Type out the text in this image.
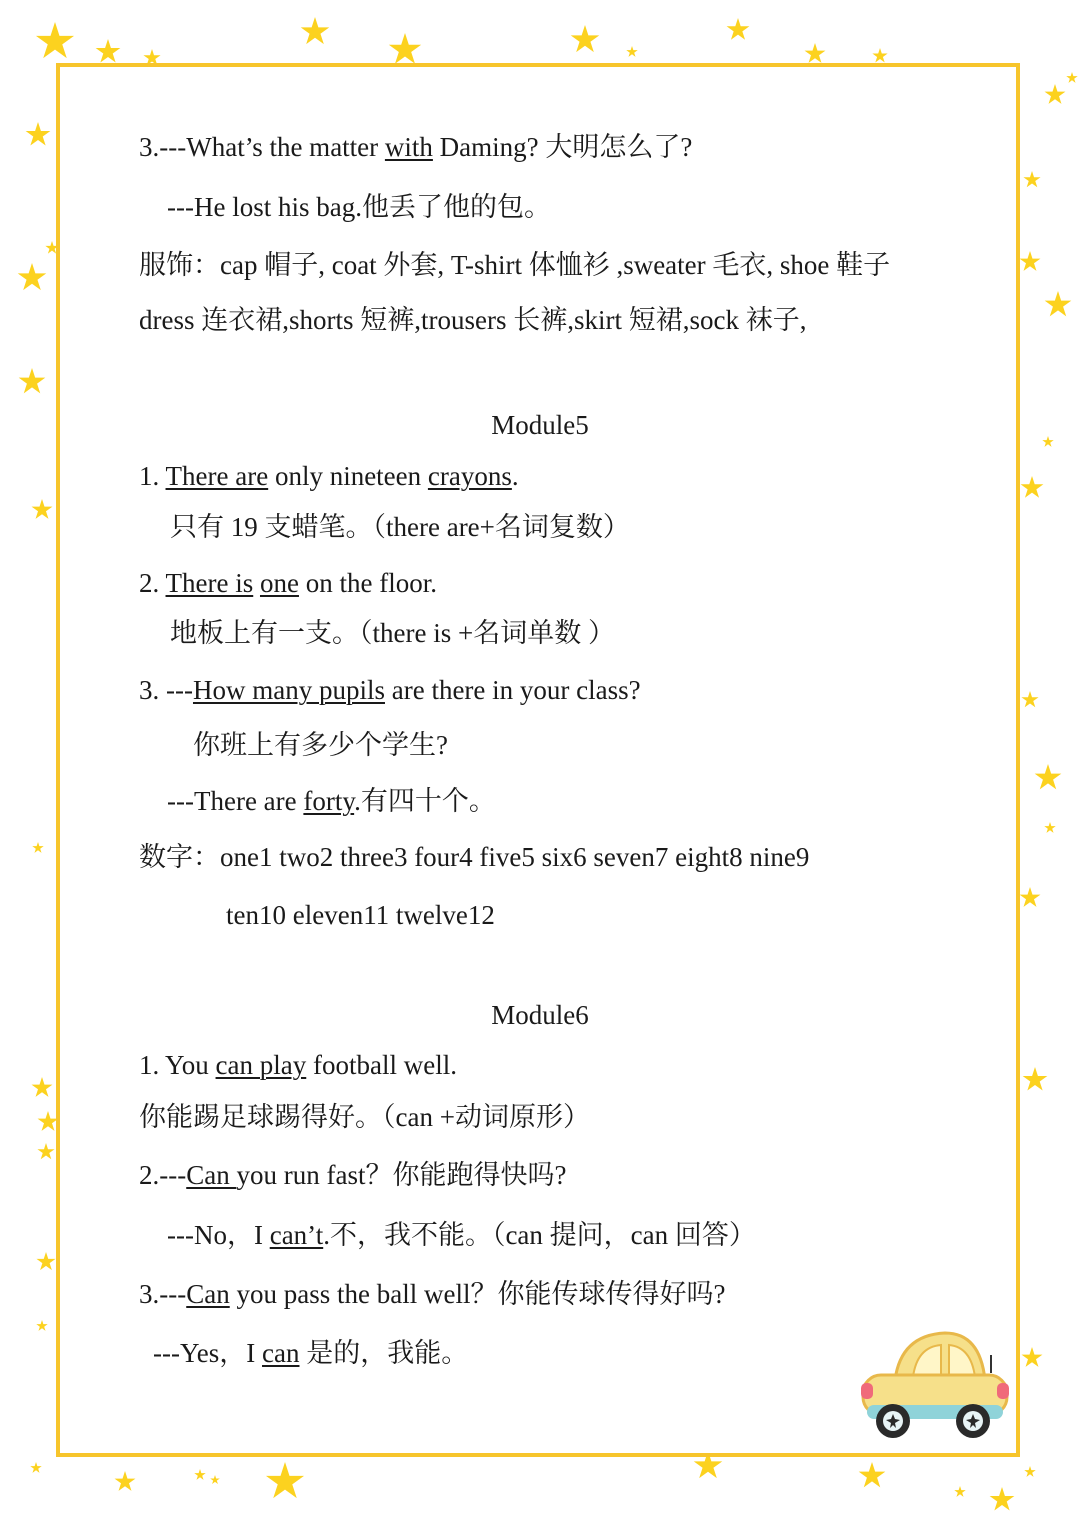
3.---What’s the matter with Daming? 大明怎么了?
---He lost his bag.他丢了他的包。
服饰：cap 帽子, coat 外套, T-shirt 体恤衫 ,sweater 毛衣, shoe 鞋子
dress 连衣裙,shorts 短裤,trousers 长裤,skirt 短裙,sock 袜子,
Module5
1. There are only nineteen crayons.
只有 19 支蜡笔。（there are+名词复数）
2. There is one on the floor.
地板上有一支。（there is +名词单数 ）
3. ---How many pupils are there in your class?
你班上有多少个学生?
---There are forty.有四十个。
数字：one1 two2 three3 four4 five5 six6 seven7 eight8 nine9
ten10 eleven11 twelve12
Module6
1. You can play football well.
你能踢足球踢得好。（can +动词原形）
2.---Can you run fast？你能跑得快吗?
---No，I can’t.不，我不能。（can 提问，can 回答）
3.---Can you pass the ball well？你能传球传得好吗?
---Yes，I can 是的，我能。
